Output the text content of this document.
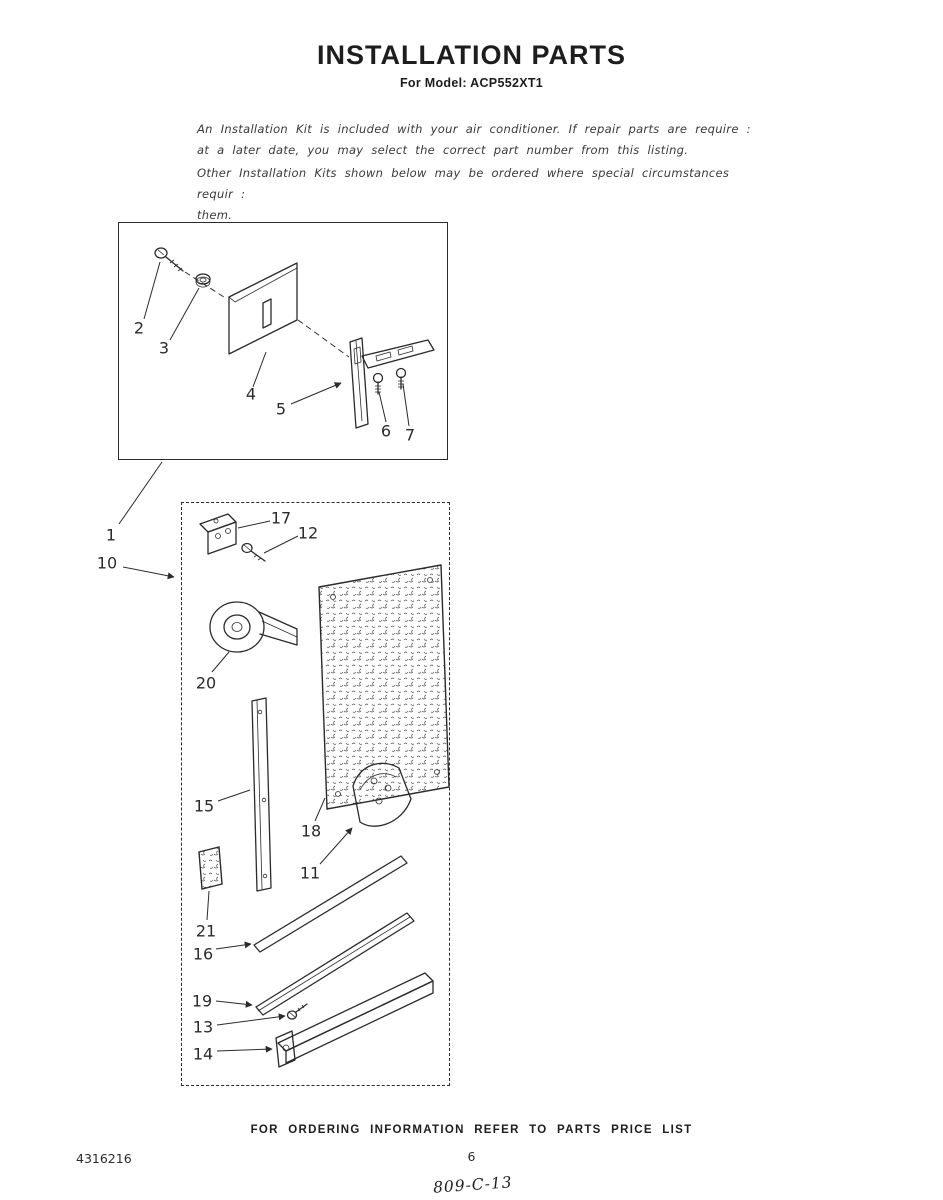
INSTALLATION PARTS
For Model: ACP552XT1
An Installation Kit is included with your air conditioner. If repair parts are require :
at a later date, you may select the correct part number from this listing.
Other Installation Kits shown below may be ordered where special circumstances requir :
them.
1
2
3
4
5
6 7
10
17
12
20
15
18
11
21
16
19
13
14
FOR ORDERING INFORMATION REFER TO PARTS PRICE LIST
4316216	6
809-C-13
